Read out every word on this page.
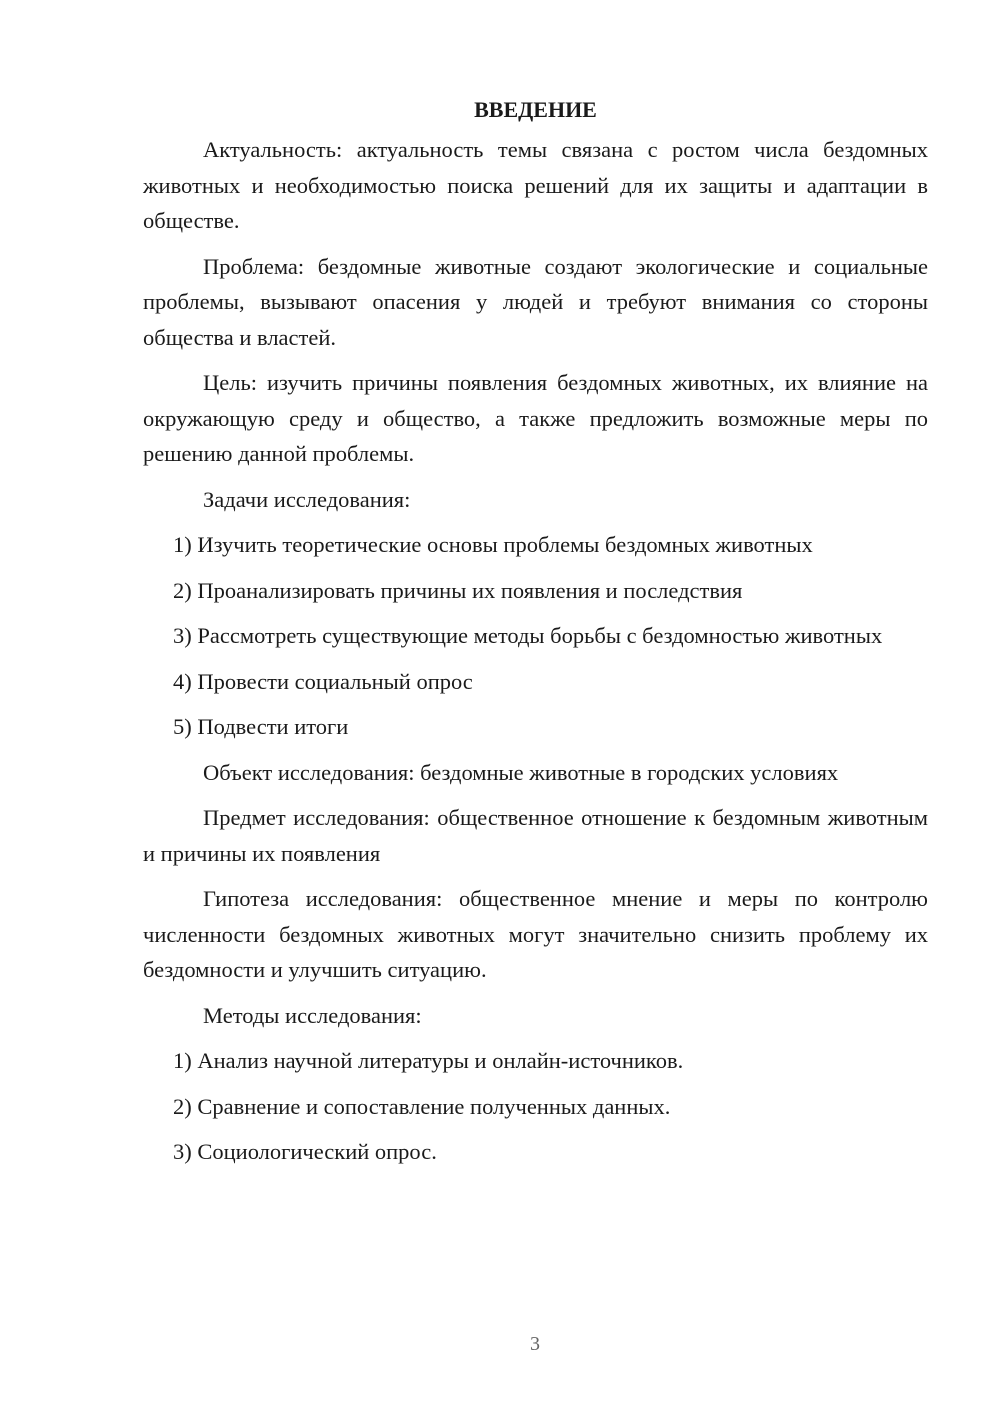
ВВЕДЕНИЕ

Актуальность: актуальность темы связана с ростом числа бездомных животных и необходимостью поиска решений для их защиты и адаптации в обществе.

Проблема: бездомные животные создают экологические и социальные проблемы, вызывают опасения у людей и требуют внимания со стороны общества и властей.

Цель: изучить причины появления бездомных животных, их влияние на окружающую среду и общество, а также предложить возможные меры по решению данной проблемы.

Задачи исследования:

1) Изучить теоретические основы проблемы бездомных животных

2) Проанализировать причины их появления и последствия

3) Рассмотреть существующие методы борьбы с бездомностью животных

4) Провести социальный опрос

5) Подвести итоги

Объект исследования: бездомные животные в городских условиях

Предмет исследования: общественное отношение к бездомным животным и причины их появления

Гипотеза исследования: общественное мнение и меры по контролю численности бездомных животных могут значительно снизить проблему их бездомности и улучшить ситуацию.

Методы исследования:

1) Анализ научной литературы и онлайн-источников.

2) Сравнение и сопоставление полученных данных.

3) Социологический опрос.

3
